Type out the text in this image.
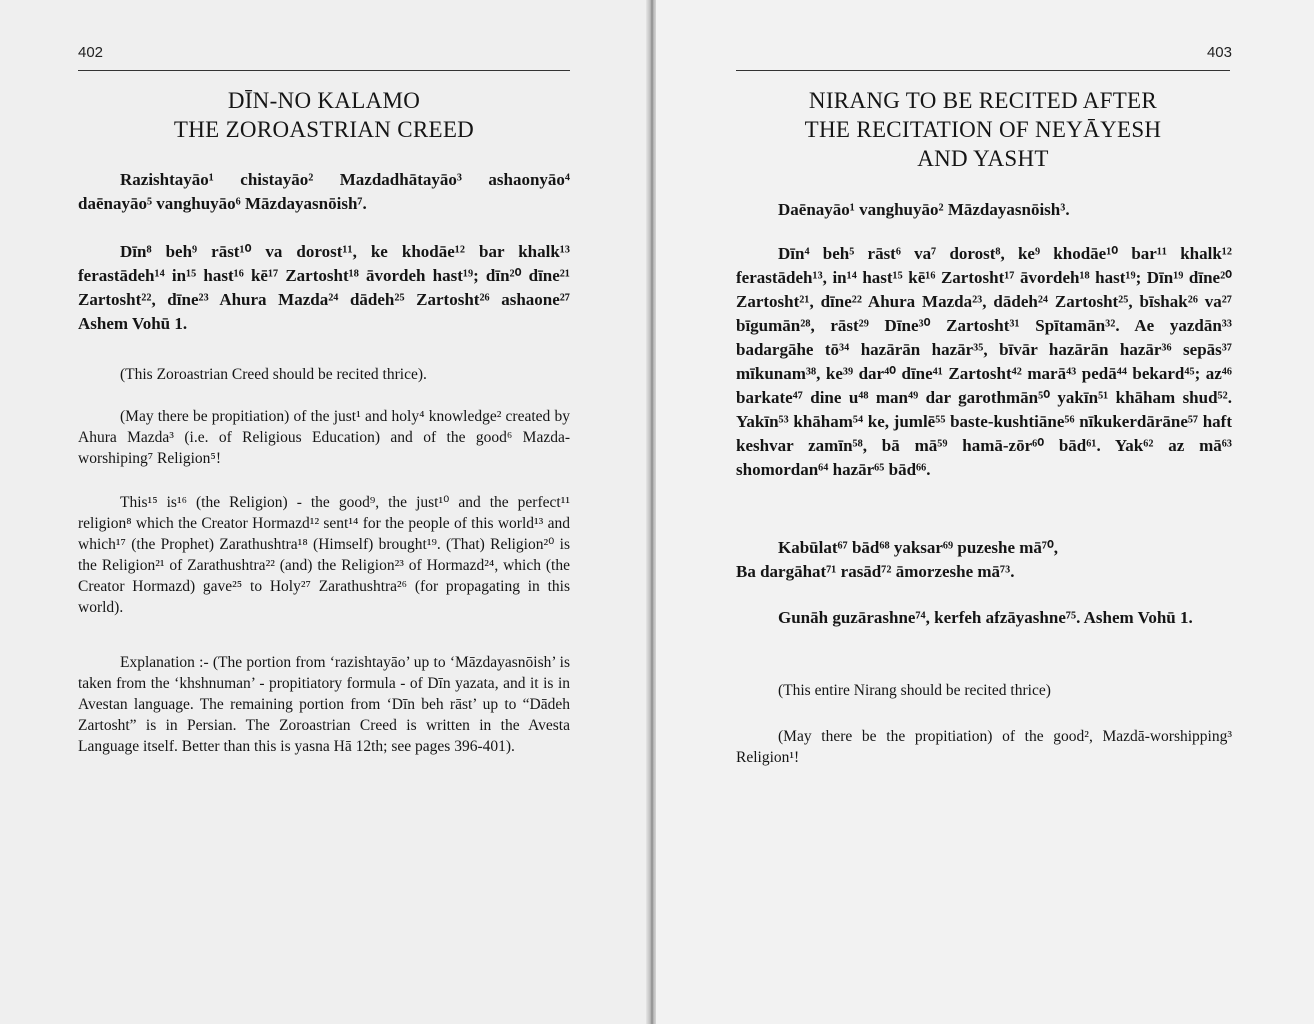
402
DĪN-NO KALAMO
THE ZOROASTRIAN CREED

Razishtayāo¹ chistayāo² Mazdadhātayāo³ ashaonyāo⁴ daēnayāo⁵ vanghuyāo⁶ Māzdayasnōish⁷.

Dīn⁸ beh⁹ rāst¹⁰ va dorost¹¹, ke khodāe¹² bar khalk¹³ ferastādeh¹⁴ in¹⁵ hast¹⁶ kē¹⁷ Zartosht¹⁸ āvordeh hast¹⁹; dīn²⁰ dīne²¹ Zartosht²², dīne²³ Ahura Mazda²⁴ dādeh²⁵ Zartosht²⁶ ashaone²⁷ Ashem Vohū 1.

(This Zoroastrian Creed should be recited thrice).

(May there be propitiation) of the just¹ and holy⁴ knowledge² created by Ahura Mazda³ (i.e. of Religious Education) and of the good⁶ Mazda-worshiping⁷ Religion⁵!

This¹⁵ is¹⁶ (the Religion) - the good⁹, the just¹⁰ and the perfect¹¹ religion⁸ which the Creator Hormazd¹² sent¹⁴ for the people of this world¹³ and which¹⁷ (the Prophet) Zarathushtra¹⁸ (Himself) brought¹⁹. (That) Religion²⁰ is the Religion²¹ of Zarathushtra²² (and) the Religion²³ of Hormazd²⁴, which (the Creator Hormazd) gave²⁵ to Holy²⁷ Zarathushtra²⁶ (for propagating in this world).

Explanation :- (The portion from ‘razishtayāo’ up to ‘Māzdayasnōish’ is taken from the ‘khshnuman’ - propitiatory formula - of Dīn yazata, and it is in Avestan language. The remaining portion from ‘Dīn beh rāst’ up to “Dādeh Zartosht” is in Persian. The Zoroastrian Creed is written in the Avesta Language itself. Better than this is yasna Hā 12th; see pages 396-401).

403
NIRANG TO BE RECITED AFTER
THE RECITATION OF NEYĀYESH
AND YASHT

Daēnayāo¹ vanghuyāo² Māzdayasnōish³.

Dīn⁴ beh⁵ rāst⁶ va⁷ dorost⁸, ke⁹ khodāe¹⁰ bar¹¹ khalk¹² ferastādeh¹³, in¹⁴ hast¹⁵ kē¹⁶ Zartosht¹⁷ āvordeh¹⁸ hast¹⁹; Dīn¹⁹ dīne²⁰ Zartosht²¹, dīne²² Ahura Mazda²³, dādeh²⁴ Zartosht²⁵, bīshak²⁶ va²⁷ bīgumān²⁸, rāst²⁹ Dīne³⁰ Zartosht³¹ Spītamān³². Ae yazdān³³ badargāhe tō³⁴ hazārān hazār³⁵, bīvār hazārān hazār³⁶ sepās³⁷ mīkunam³⁸, ke³⁹ dar⁴⁰ dīne⁴¹ Zartosht⁴² marā⁴³ pedā⁴⁴ bekard⁴⁵; az⁴⁶ barkate⁴⁷ dine u⁴⁸ man⁴⁹ dar garothmān⁵⁰ yakīn⁵¹ khāham shud⁵². Yakīn⁵³ khāham⁵⁴ ke, jumlē⁵⁵ baste-kushtiāne⁵⁶ nīkukerdārāne⁵⁷ haft keshvar zamīn⁵⁸, bā mā⁵⁹ hamā-zōr⁶⁰ bād⁶¹. Yak⁶² az mā⁶³ shomordan⁶⁴ hazār⁶⁵ bād⁶⁶.

Kabūlat⁶⁷ bād⁶⁸ yaksar⁶⁹ puzeshe mā⁷⁰,
Ba dargāhat⁷¹ rasād⁷² āmorzeshe mā⁷³.

Gunāh guzārashne⁷⁴, kerfeh afzāyashne⁷⁵. Ashem Vohū 1.

(This entire Nirang should be recited thrice)

(May there be the propitiation) of the good², Mazdā-worshipping³ Religion¹!
